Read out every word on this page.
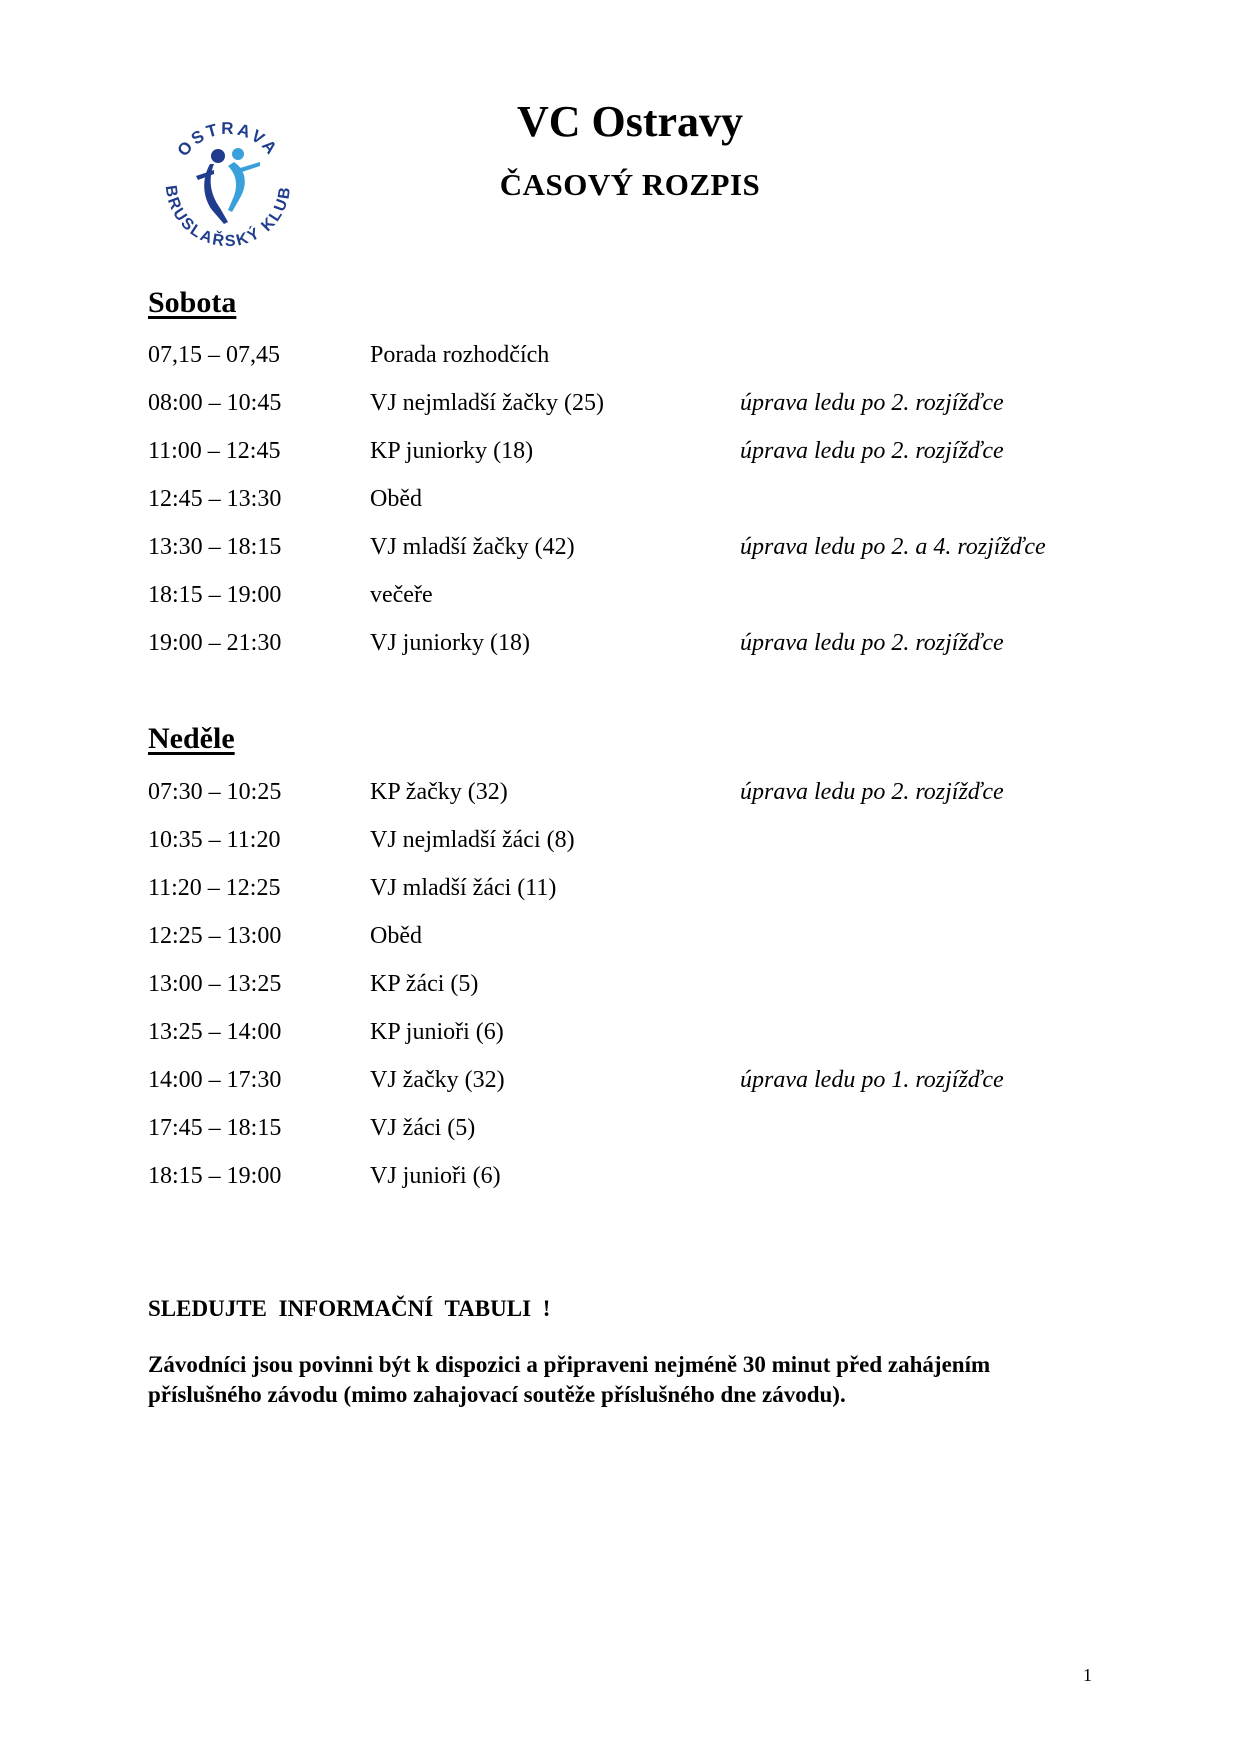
OSTRAVA
BRUSLAŘSKÝ KLUB
VC Ostravy
ČASOVÝ ROZPIS
Sobota
07,15 – 07,45	Porada rozhodčích
08:00 – 10:45	VJ nejmladší žačky (25)	úprava ledu po 2. rozjížďce
11:00 – 12:45	KP juniorky (18)	úprava ledu po 2. rozjížďce
12:45 – 13:30	Oběd
13:30 – 18:15	VJ mladší žačky (42)	úprava ledu po 2. a 4. rozjížďce
18:15 – 19:00	večeře
19:00 – 21:30	VJ juniorky (18)	úprava ledu po 2. rozjížďce
Neděle
07:30 – 10:25	KP žačky (32)	úprava ledu po 2. rozjížďce
10:35 – 11:20	VJ nejmladší žáci (8)
11:20 – 12:25	VJ mladší žáci (11)
12:25 – 13:00	Oběd
13:00 – 13:25	KP žáci (5)
13:25 – 14:00	KP junioři (6)
14:00 – 17:30	VJ žačky (32)	úprava ledu po 1. rozjížďce
17:45 – 18:15	VJ žáci (5)
18:15 – 19:00	VJ junioři (6)

SLEDUJTE INFORMAČNÍ TABULI !

Závodníci jsou povinni být k dispozici a připraveni nejméně 30 minut před zahájením příslušného závodu (mimo zahajovací soutěže příslušného dne závodu).

1
